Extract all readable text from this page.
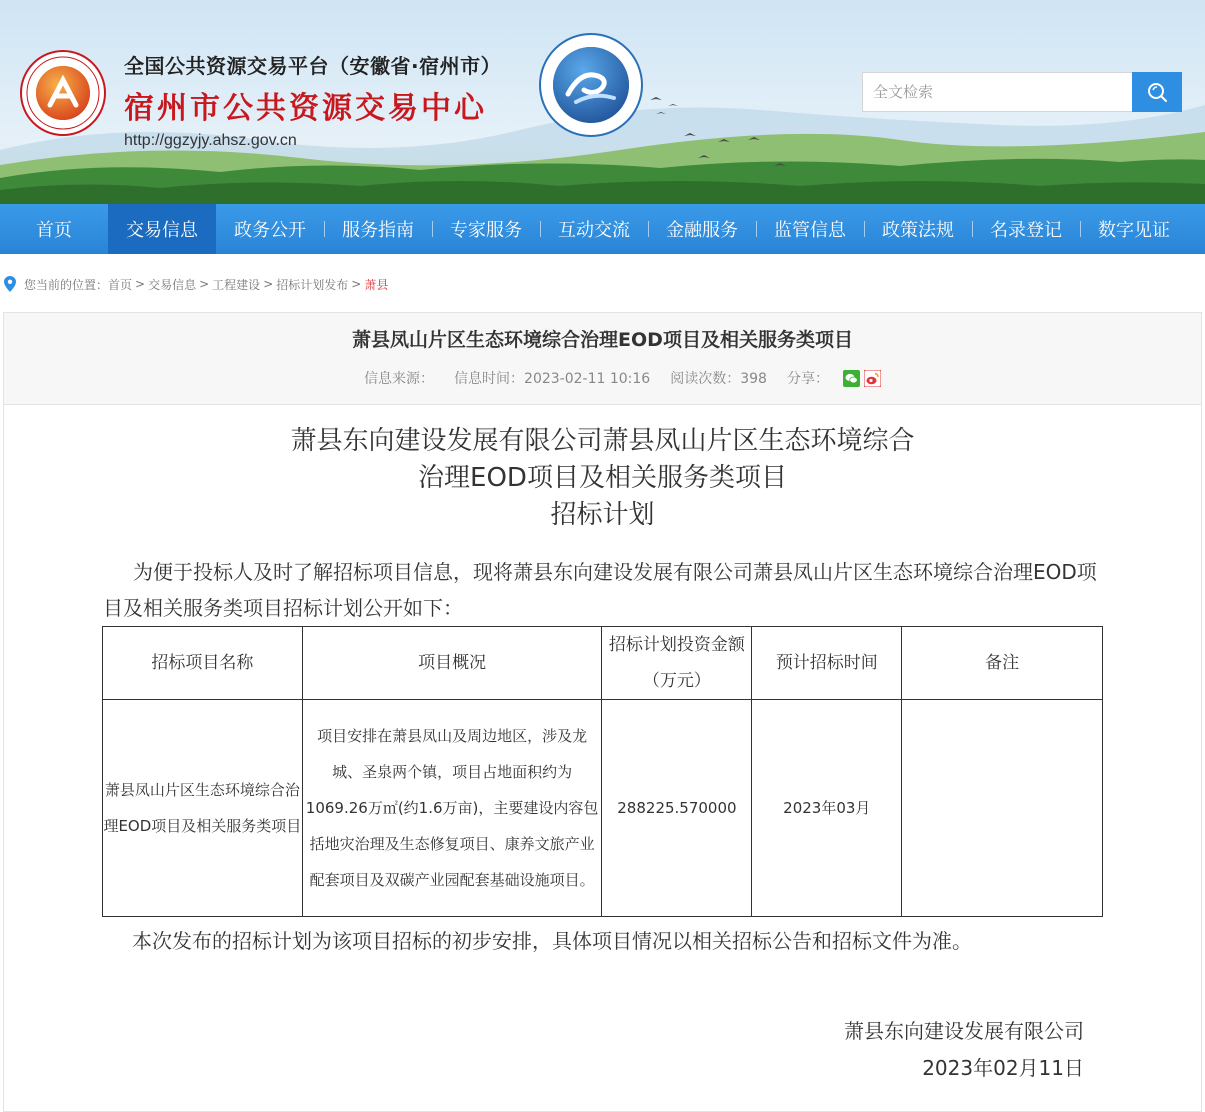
全国公共资源交易平台（安徽省·宿州市）
宿州市公共资源交易中心
http://ggzyjy.ahsz.gov.cn
全文检索
首页	交易信息 政务公开 服务指南 专家服务 互动交流 金融服务 监管信息 政策法规 名录登记 数字见证
您当前的位置： 首页 > 交易信息 > 工程建设 > 招标计划发布 > 萧县
萧县凤山片区生态环境综合治理EOD项目及相关服务类项目
信息来源： 信息时间：2023-02-11 10:16 阅读次数：398 分享：
萧县东向建设发展有限公司萧县凤山片区生态环境综合
治理EOD项目及相关服务类项目
招标计划
为便于投标人及时了解招标项目信息，现将萧县东向建设发展有限公司萧县凤山片区生态环境综合治理EOD项目及相关服务类项目招标计划公开如下：
招标项目名称	项目概况	招标计划投资金额（万元）	预计招标时间	备注
萧县凤山片区生态环境综合治理EOD项目及相关服务类项目	项目安排在萧县凤山及周边地区，涉及龙城、圣泉两个镇，项目占地面积约为1069.26万㎡(约1.6万亩)，主要建设内容包括地灾治理及生态修复项目、康养文旅产业配套项目及双碳产业园配套基础设施项目。	288225.570000	2023年03月	
本次发布的招标计划为该项目招标的初步安排，具体项目情况以相关招标公告和招标文件为准。
萧县东向建设发展有限公司
2023年02月11日
